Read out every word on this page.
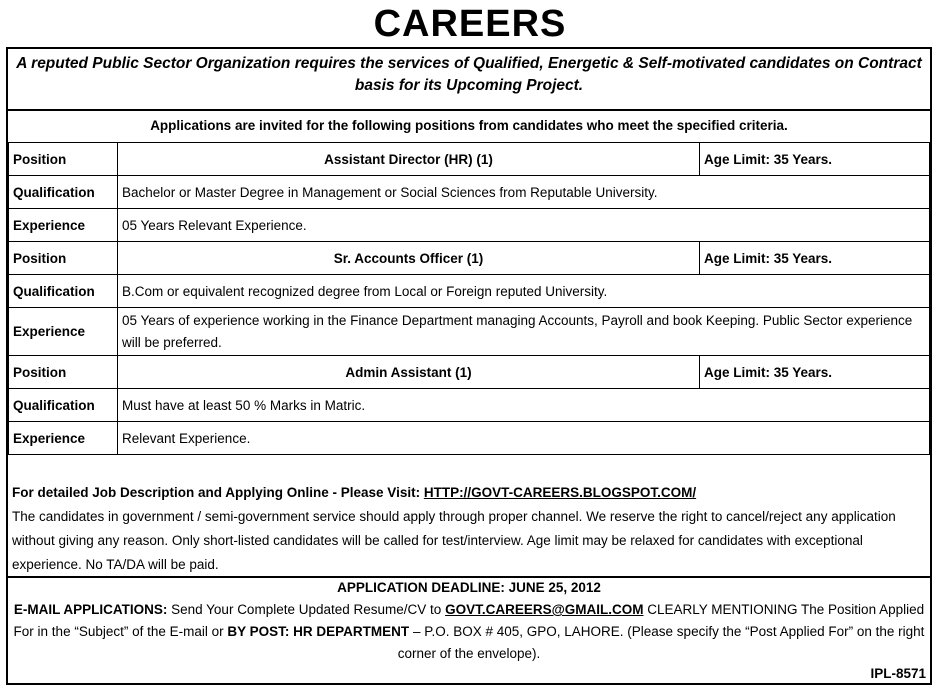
CAREERS
A reputed Public Sector Organization requires the services of Qualified, Energetic & Self-motivated candidates on Contract basis for its Upcoming Project.
Applications are invited for the following positions from candidates who meet the specified criteria.
Position	Assistant Director (HR) (1)	Age Limit: 35 Years.
Qualification	Bachelor or Master Degree in Management or Social Sciences from Reputable University.	
Experience	05 Years Relevant Experience.	
Position	Sr. Accounts Officer (1)	Age Limit: 35 Years.
Qualification	B.Com or equivalent recognized degree from Local or Foreign reputed University.	
Experience	05 Years of experience working in the Finance Department managing Accounts, Payroll and book Keeping. Public Sector experience will be preferred.	
Position	Admin Assistant (1)	Age Limit: 35 Years.
Qualification	Must have at least 50 % Marks in Matric.	
Experience	Relevant Experience.	
For detailed Job Description and Applying Online - Please Visit: HTTP://GOVT-CAREERS.BLOGSPOT.COM/
The candidates in government / semi-government service should apply through proper channel. We reserve the right to cancel/reject any application without giving any reason. Only short-listed candidates will be called for test/interview. Age limit may be relaxed for candidates with exceptional experience. No TA/DA will be paid.
APPLICATION DEADLINE: JUNE 25, 2012
E-MAIL APPLICATIONS: Send Your Complete Updated Resume/CV to GOVT.CAREERS@GMAIL.COM CLEARLY MENTIONING The Position Applied For in the “Subject” of the E-mail or BY POST: HR DEPARTMENT – P.O. BOX # 405, GPO, LAHORE. (Please specify the “Post Applied For” on the right corner of the envelope).
IPL-8571
